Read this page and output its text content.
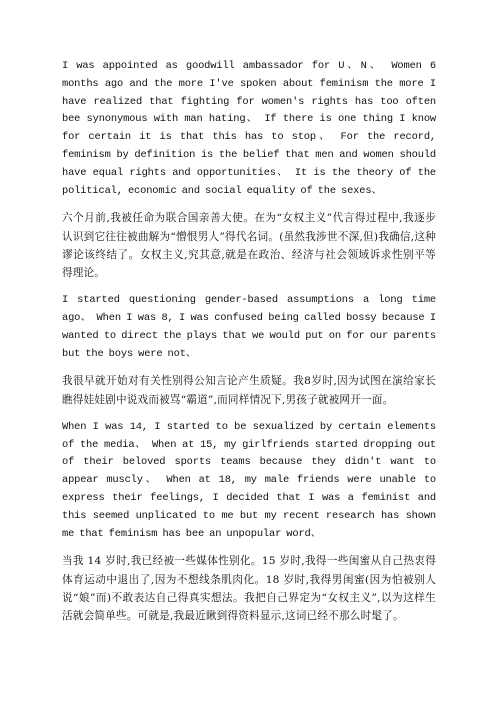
I was appointed as goodwill ambassador for U、N、 Women 6 months ago and the more I've spoken about feminism the more I have realized that fighting for women's rights has too often bee synonymous with man hating、 If there is one thing I know for certain it is that this has to stop、 For the record, feminism by definition is the belief that men and women should have equal rights and opportunities、 It is the theory of the political, economic and social equality of the sexes、

六个月前,我被任命为联合国亲善大使。在为“女权主义”代言得过程中,我逐步认识到它往往被曲解为“憎恨男人”得代名词。(虽然我涉世不深,但)我确信,这种谬论该终结了。女权主义,究其意,就是在政治、经济与社会领域诉求性别平等得理论。

I started questioning gender-based assumptions a long time ago、 When I was 8, I was confused being called bossy because I wanted to direct the plays that we would put on for our parents but the boys were not、

我很早就开始对有关性别得公知言论产生质疑。我8岁时,因为试图在演给家长瞧得娃娃剧中说戏而被骂“霸道”,而同样情况下,男孩子就被网开一面。

When I was 14, I started to be sexualized by certain elements of the media、 When at 15, my girlfriends started dropping out of their beloved sports teams because they didn't want to appear muscly、 When at 18, my male friends were unable to express their feelings, I decided that I was a feminist and this seemed unplicated to me but my recent research has shown me that feminism has bee an unpopular word、

当我 14 岁时,我已经被一些媒体性别化。15 岁时,我得一些闺蜜从自己热衷得体育运动中退出了,因为不想线条肌肉化。18 岁时,我得男闺蜜(因为怕被别人说“娘”而)不敢表达自己得真实想法。我把自己界定为“女权主义”,以为这样生活就会简单些。可就是,我最近瞅到得资料显示,这词已经不那么时髦了。
